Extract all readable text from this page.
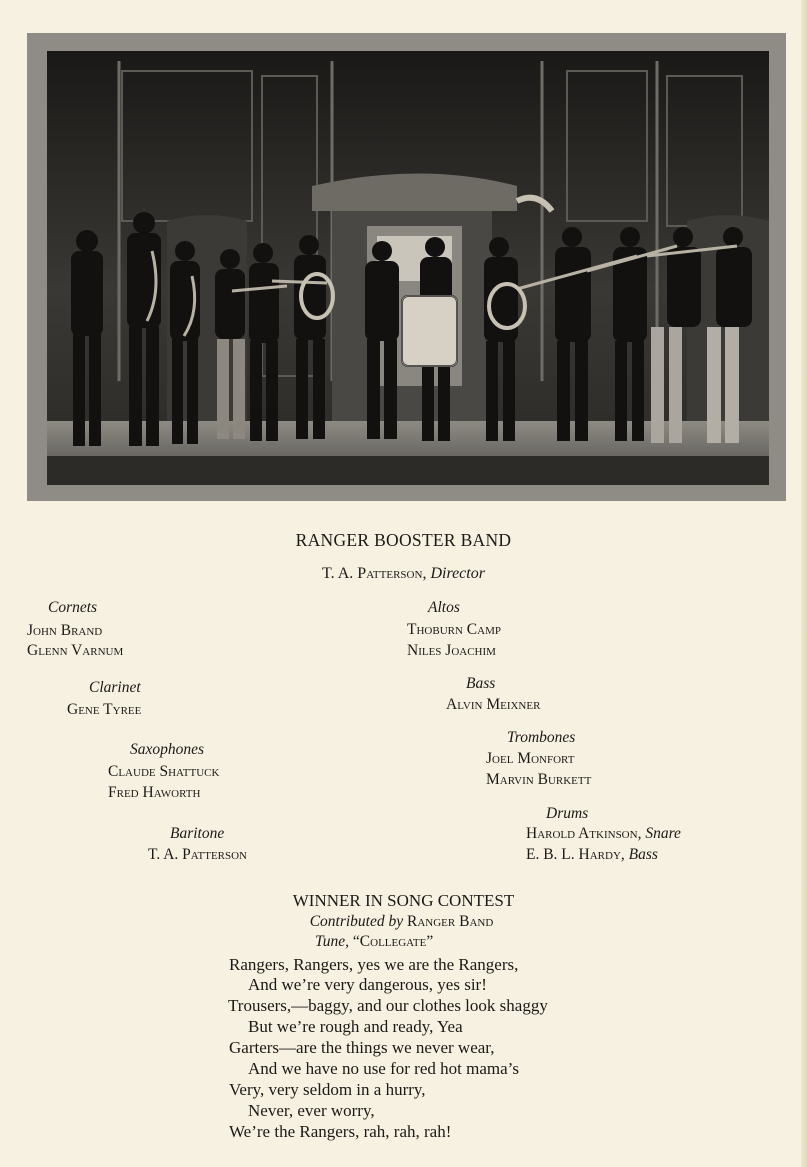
RANGER BOOSTER BAND
T. A. Patterson, Director
Cornets
John Brand
Glenn Varnum
Clarinet
Gene Tyree
Saxophones
Claude Shattuck
Fred Haworth
Baritone
T. A. Patterson
Altos
Thoburn Camp
Niles Joachim
Bass
Alvin Meixner
Trombones
Joel Monfort
Marvin Burkett
Drums
Harold Atkinson, Snare
E. B. L. Hardy, Bass
WINNER IN SONG CONTEST
Contributed by Ranger Band
Tune, “Collegate”
Rangers, Rangers, yes we are the Rangers,
And we’re very dangerous, yes sir!
Trousers,—baggy, and our clothes look shaggy
But we’re rough and ready, Yea
Garters—are the things we never wear,
And we have no use for red hot mama’s
Very, very seldom in a hurry,
Never, ever worry,
We’re the Rangers, rah, rah, rah!
